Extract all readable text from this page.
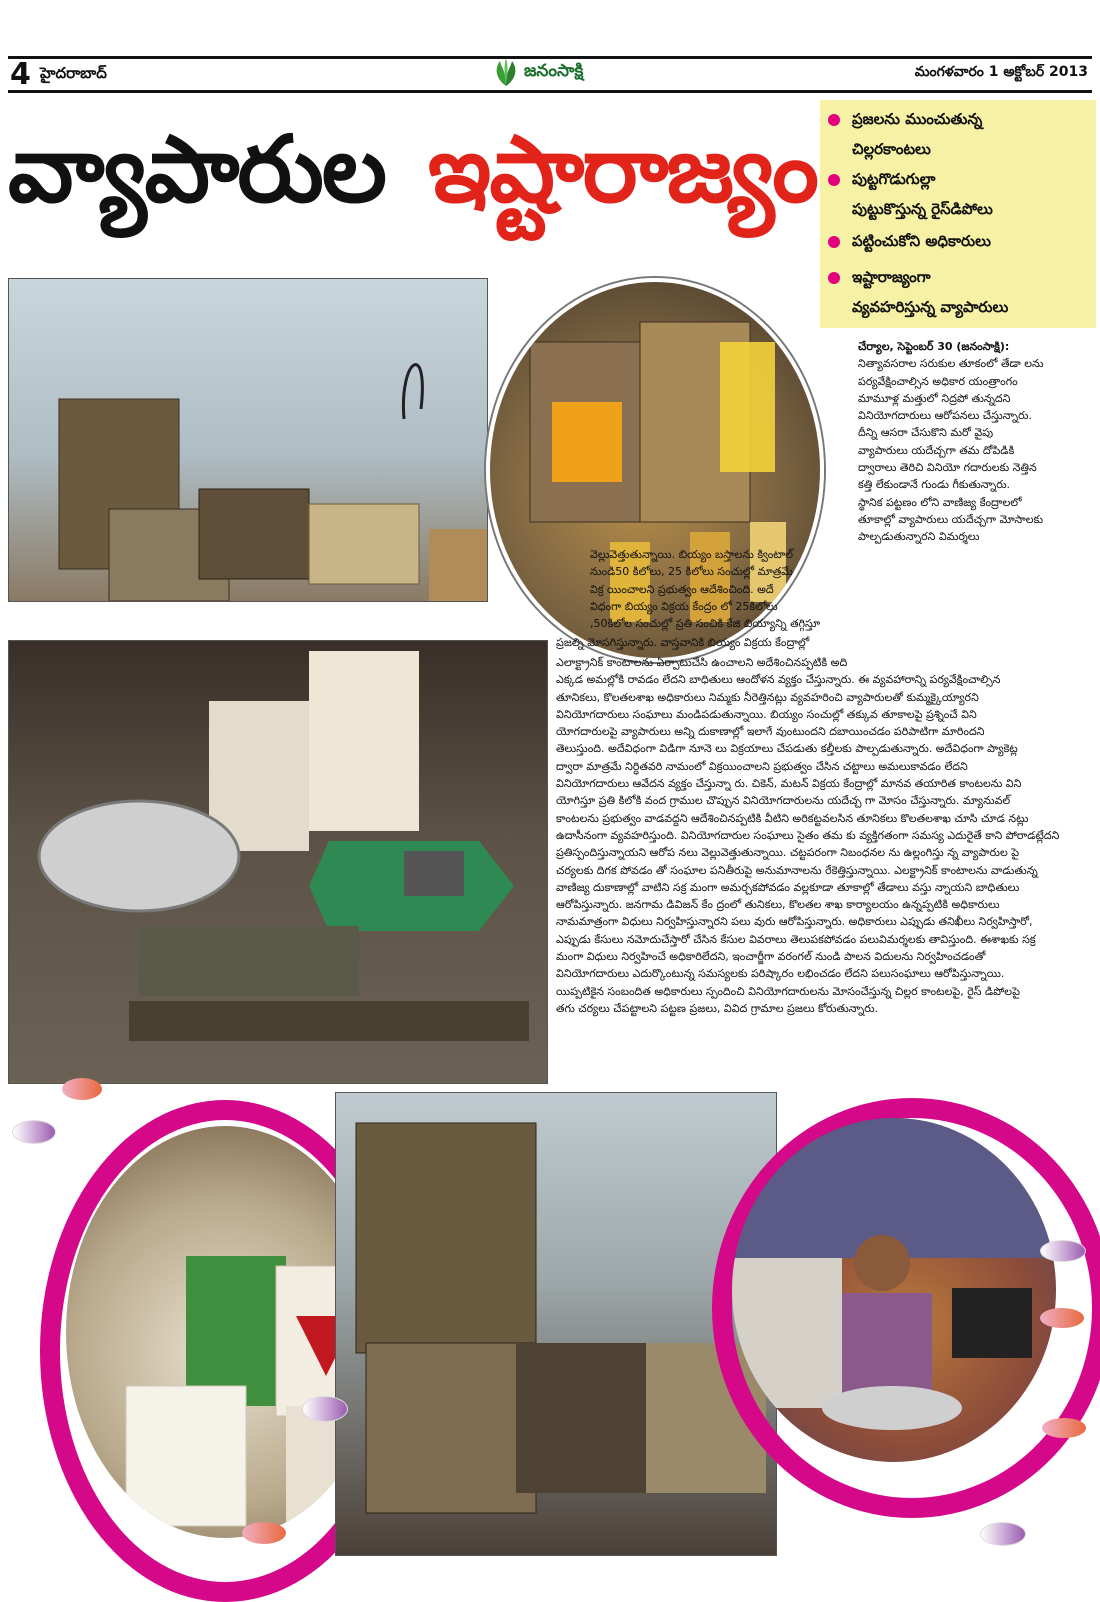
4 హైదరాబాద్	జనంసాక్షి	మంగళవారం 1 అక్టోబర్ 2013
వ్యాపారుల ఇష్టారాజ్యం	ప్రజలను ముంచుతున్న
చిల్లరకాంటలు
పుట్టగొడుగుల్లా
పుట్టుకొస్తున్న రైస్‌డిపోలు
పట్టించుకోని అధికారులు
ఇష్టారాజ్యంగా
వ్యవహరిస్తున్న వ్యాపారులు
చేర్యాల, సెప్టెంబర్ 30 (జనంసాక్షి):

నిత్యావసరాల సరుకుల తూకంలో తేడా లను
పర్యవేక్షించాల్సిన అధికార యంత్రాంగం
మామూళ్ల మత్తులో నిద్రపో తున్నదని
వినియోగదారులు ఆరోపనలు చేస్తున్నారు.
దీన్ని ఆసరా చేసుకొని మరో వైపు
వ్యాపారులు యదేచ్చగా తమ దోపిడికి
ద్వారాలు తెరిచి వినియో గదారులకు నెత్తిన
కత్తి లేకుండానే గుండు గీకుతున్నారు.
స్థానిక పట్టణం లోని వాణిజ్య కేంద్రాలలో
తూకాల్లో వ్యాపారులు యదేచ్చగా మోసాలకు
పాల్పడుతున్నారని విమర్శలు

వెల్లువెత్తుతున్నాయి. బియ్యం బస్తాలను క్వింటాల్
నుండి50 కిలోలు, 25 కిలోలు సంచుల్లో మాత్రమే
విక్ర యించాలని ప్రభుత్వం ఆదేశించింది. అదే
విధంగా బియ్యం విక్రయ కేంద్రం లో 25కిలోలు
,50కిలోల సంచుల్లో ప్రతి సంచికి కేజి బియ్యాన్ని తగ్గిస్తూ

ప్రజల్ని మోసగిస్తున్నారు. వాస్తవానికి బియ్యం విక్రయ కేంద్రాల్లో

ఎలాక్ట్రానిక్ కాంటాలను ఏర్పాటుచేసి ఉంచాలని అదేశించినప్పటికి అది
ఎక్కడ అమల్లోకి రావడం లేదని బాధితులు ఆందోళన వ్యక్తం చేస్తున్నారు. ఈ వ్యవహారాన్ని పర్యవేక్షించాల్సిన
తూనికలు, కొలతలశాఖ అధికారులు నిమ్మకు నీరెత్తినట్లు వ్యవహరించి వ్యాపారులతో కుమ్మక్కైయ్యారని
వినియోగదారులు సంఘాలు మండిపడుతున్నాయి. బియ్యం సంచుల్లో తక్కువ తూకాలపై ప్రశ్నించే విని
యోగదారులపై వ్యాపారులు అన్ని దుకాణాల్లో ఇలాగే వుంటుందని దబాయించడం పరిపాటిగా మారిందని
తెలుస్తుంది. అదేవిధంగా విడిగా నూనె లు విక్రయాలు చేపడుతు కల్తీలకు పాల్పడుతున్నారు. అదేవిధంగా ప్యాకెట్ల
ద్వారా మాత్రమే నిర్ధితవరి నామంలో విక్రయించాలని ప్రభుత్వం చేసిన చట్టాలు అమలుకావడం లేదని
వినియోగదారులు ఆవేదన వ్యక్తం చేస్తున్నా రు. చికెన్, మటన్ విక్రయ కేంద్రాల్లో మానవ తయారిత కాంటలను విని
యోగిస్తూ ప్రతి కిలోకి వంద గ్రాముల చొప్పున వినియోగదారులను యదేచ్చ గా మోసం చేస్తున్నారు. మ్యానువల్
కాంటలను ప్రభుత్వం వాడవద్దని ఆదేశించినప్పటికి వీటిని అరికట్టవలసిన తూనికలు కొలతలశాఖ చూసి చూడ నట్లు
ఉదాసీనంగా వ్యవహరిస్తుంది. వినియోగదారుల సంఘాలు సైతం తమ కు వ్యక్తిగతంగా సమస్య ఎదురైతే కాని పోరాడట్లేదని
ప్రతిస్పందిస్తున్నాయని ఆరోప నలు వెల్లువెత్తుతున్నాయి. చట్టపరంగా నిబంధనల ను ఉల్లంగిస్తు న్న వ్యాపారుల పై
చర్యలకు దిగక పోవడం తో సంఘాల పనితీరుపై అనుమానాలను రేకెత్తిస్తున్నాయి. ఎలక్ట్రానిక్ కాంటాలను వాడుతున్న
వాణిజ్య దుకాణాల్లో వాటిని సక్ర మంగా అమర్చకపోవడం వల్లకూడా తూకాల్లో తేడాలు వస్తు న్నాయని బాధితులు
ఆరోపిస్తున్నారు. జనగామ డివిజన్ కేం ద్రంలో తునికలు, కొలతల శాఖ కార్యాలయం ఉన్నప్పటికి అధికారులు
నామమాత్రంగా విధులు నిర్వహిస్తున్నారని పలు వురు ఆరోపిస్తున్నారు. అధికారులు ఎప్పుడు తనిఖీలు నిర్వహిస్తారో,
ఎప్పుడు కేసులు నమోదుచేస్తారో చేసిన కేసుల వివరాలు తెలుపకపోవడం పలువిమర్శలకు తావిస్తుంది. ఈశాఖకు సక్ర
మంగా విధులు నిర్వహించే అధికారిలేదని, ఇంచార్జీగా వరంగల్ నుండి పాలన విదులను నిర్వహించడంతో
వినియోగదారులు ఎదుర్కొంటున్న సమస్యలకు పరిష్కారం లభించడం లేదని పలుసంఘాలు ఆరోపిస్తున్నాయి.
యిప్పటికైన సంబందిత అధికారులు స్పందించి వినియోగదారులను మోసంచేస్తున్న చిల్లర కాంటలపై, రైస్ డిపోలపై
తగు చర్యలు చేపట్టాలని పట్టణ ప్రజలు, వివిద గ్రామాల ప్రజలు కోరుతున్నారు.
